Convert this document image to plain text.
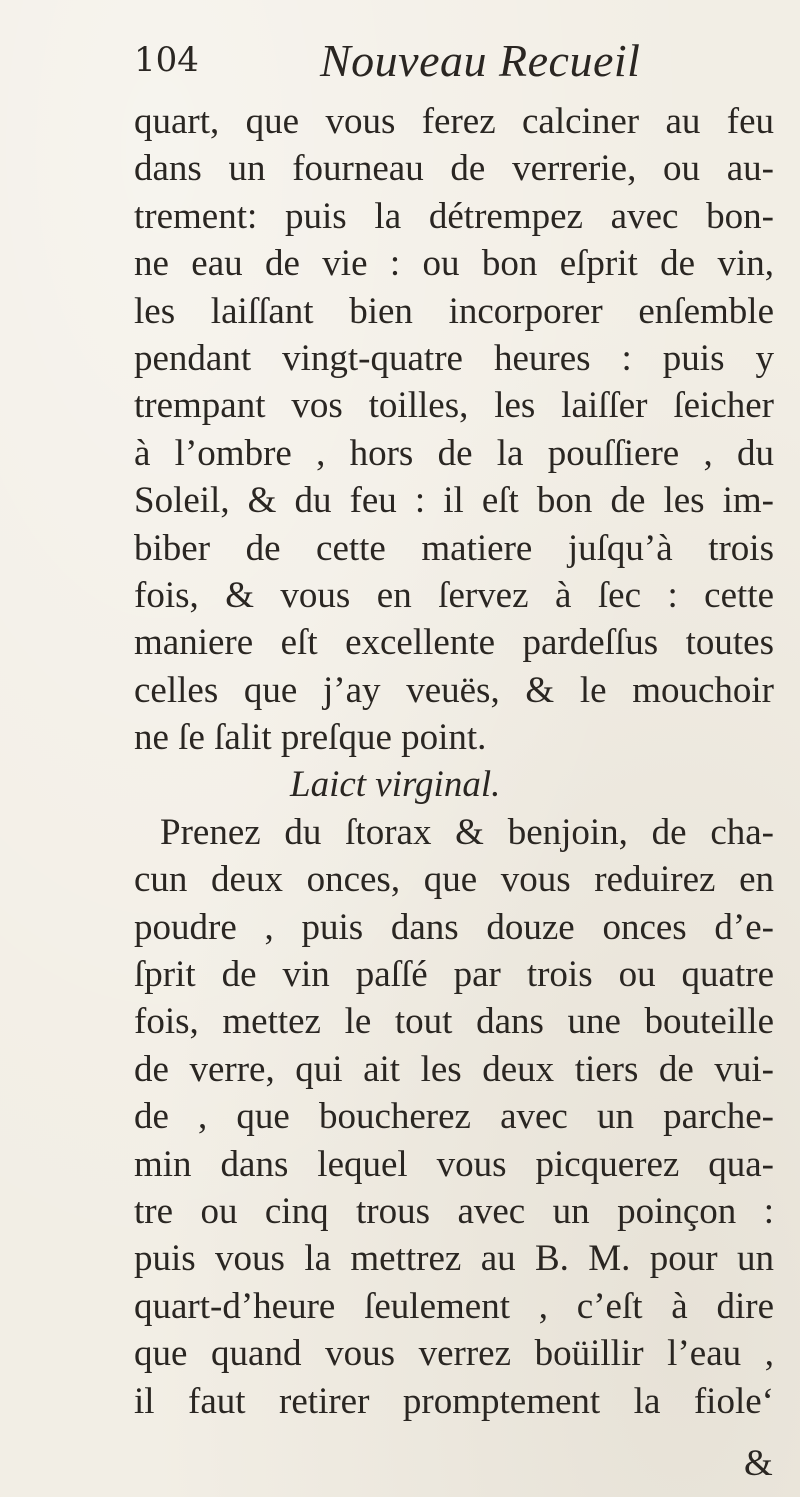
104	Nouveau Recueil
quart, que vous ferez calciner au feu
dans un fourneau de verrerie, ou au-
trement: puis la détrempez avec bon-
ne eau de vie : ou bon eſprit de vin,
les laiſſant bien incorporer enſemble
pendant vingt-quatre heures : puis y
trempant vos toilles, les laiſſer ſeicher
à l’ombre , hors de la pouſſiere , du
Soleil, & du feu : il eſt bon de les im-
biber de cette matiere juſqu’à trois
fois, & vous en ſervez à ſec : cette
maniere eſt excellente pardeſſus toutes
celles que j’ay veuës, & le mouchoir
ne ſe ſalit preſque point.
Laict virginal.
Prenez du ſtorax & benjoin, de cha-
cun deux onces, que vous reduirez en
poudre , puis dans douze onces d’e-
ſprit de vin paſſé par trois ou quatre
fois, mettez le tout dans une bouteille
de verre, qui ait les deux tiers de vui-
de , que boucherez avec un parche-
min dans lequel vous picquerez qua-
tre ou cinq trous avec un poinçon :
puis vous la mettrez au B. M. pour un
quart-d’heure ſeulement , c’eſt à dire
que quand vous verrez boüillir l’eau ,
il faut retirer promptement la fiole‘
&
